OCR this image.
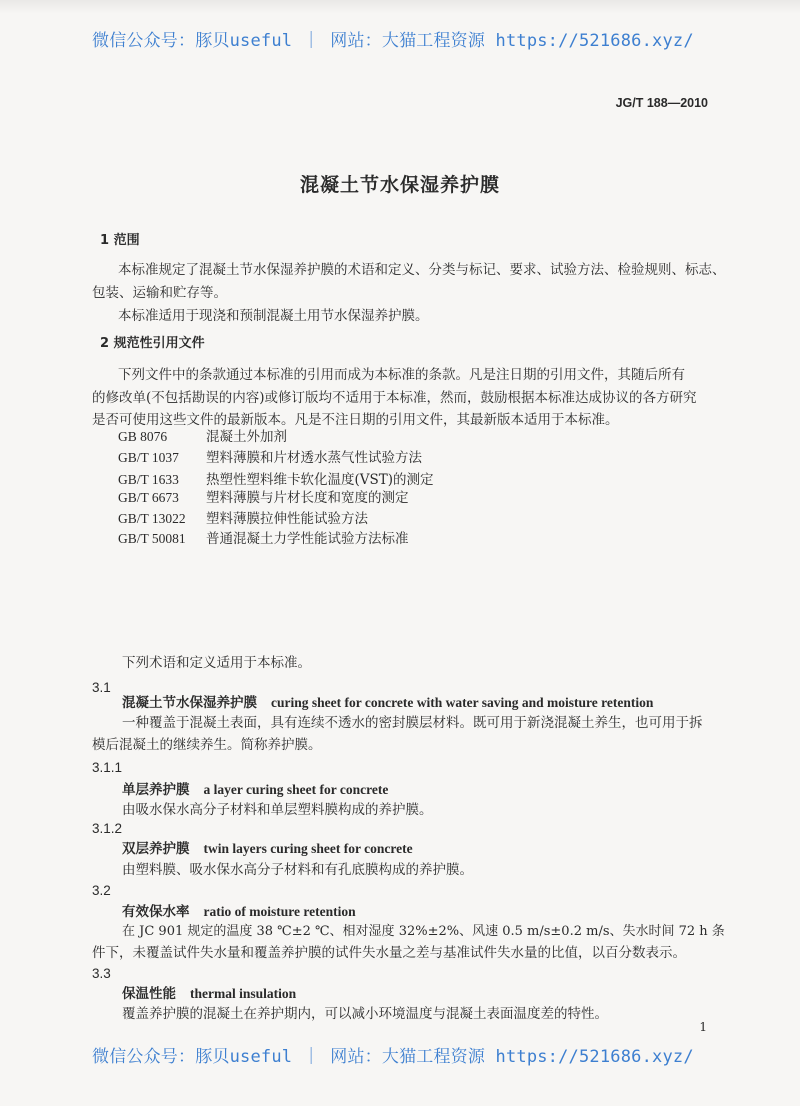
微信公众号：豚贝useful ｜ 网站：大猫工程资源 https://521686.xyz/
JG/T 188—2010
混凝土节水保湿养护膜
1 范围
本标准规定了混凝土节水保湿养护膜的术语和定义、分类与标记、要求、试验方法、检验规则、标志、
包装、运输和贮存等。
本标准适用于现浇和预制混凝土用节水保湿养护膜。
2 规范性引用文件
下列文件中的条款通过本标准的引用而成为本标准的条款。凡是注日期的引用文件，其随后所有
的修改单(不包括勘误的内容)或修订版均不适用于本标准，然而，鼓励根据本标准达成协议的各方研究
是否可使用这些文件的最新版本。凡是不注日期的引用文件，其最新版本适用于本标准。
GB 8076	混凝土外加剂
GB/T 1037 塑料薄膜和片材透水蒸气性试验方法
GB/T 1633 热塑性塑料维卡软化温度(VST)的测定
GB/T 6673 塑料薄膜与片材长度和宽度的测定
GB/T 13022 塑料薄膜拉伸性能试验方法
GB/T 50081 普通混凝土力学性能试验方法标准
下列术语和定义适用于本标准。
3.1
混凝土节水保湿养护膜 curing sheet for concrete with water saving and moisture retention
一种覆盖于混凝土表面，具有连续不透水的密封膜层材料。既可用于新浇混凝土养生，也可用于拆
模后混凝土的继续养生。简称养护膜。
3.1.1
单层养护膜 a layer curing sheet for concrete
由吸水保水高分子材料和单层塑料膜构成的养护膜。
3.1.2
双层养护膜 twin layers curing sheet for concrete
由塑料膜、吸水保水高分子材料和有孔底膜构成的养护膜。
3.2
有效保水率 ratio of moisture retention
在 JC 901 规定的温度 38 ℃±2 ℃、相对湿度 32%±2%、风速 0.5 m/s±0.2 m/s、失水时间 72 h 条
件下，未覆盖试件失水量和覆盖养护膜的试件失水量之差与基准试件失水量的比值，以百分数表示。
3.3
保温性能 thermal insulation
覆盖养护膜的混凝土在养护期内，可以减小环境温度与混凝土表面温度差的特性。
1
微信公众号：豚贝useful ｜ 网站：大猫工程资源 https://521686.xyz/
